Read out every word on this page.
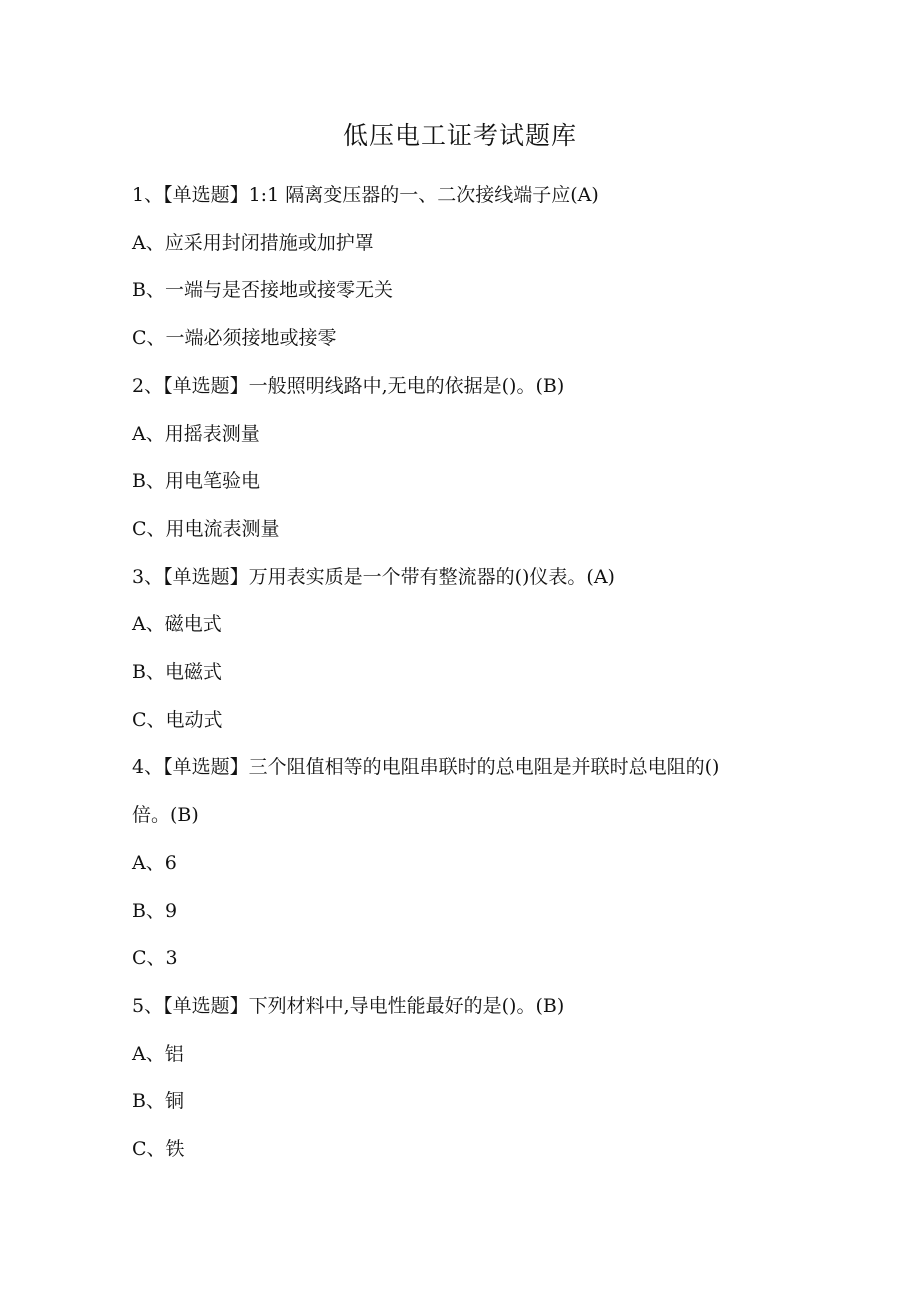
低压电工证考试题库

1、【单选题】1:1 隔离变压器的一、二次接线端子应(A)

A、应采用封闭措施或加护罩

B、一端与是否接地或接零无关

C、一端必须接地或接零

2、【单选题】一般照明线路中,无电的依据是()。(B)

A、用摇表测量

B、用电笔验电

C、用电流表测量

3、【单选题】万用表实质是一个带有整流器的()仪表。(A)

A、磁电式

B、电磁式

C、电动式

4、【单选题】三个阻值相等的电阻串联时的总电阻是并联时总电阻的()

倍。(B)

A、6

B、9

C、3

5、【单选题】下列材料中,导电性能最好的是()。(B)

A、铝

B、铜

C、铁
